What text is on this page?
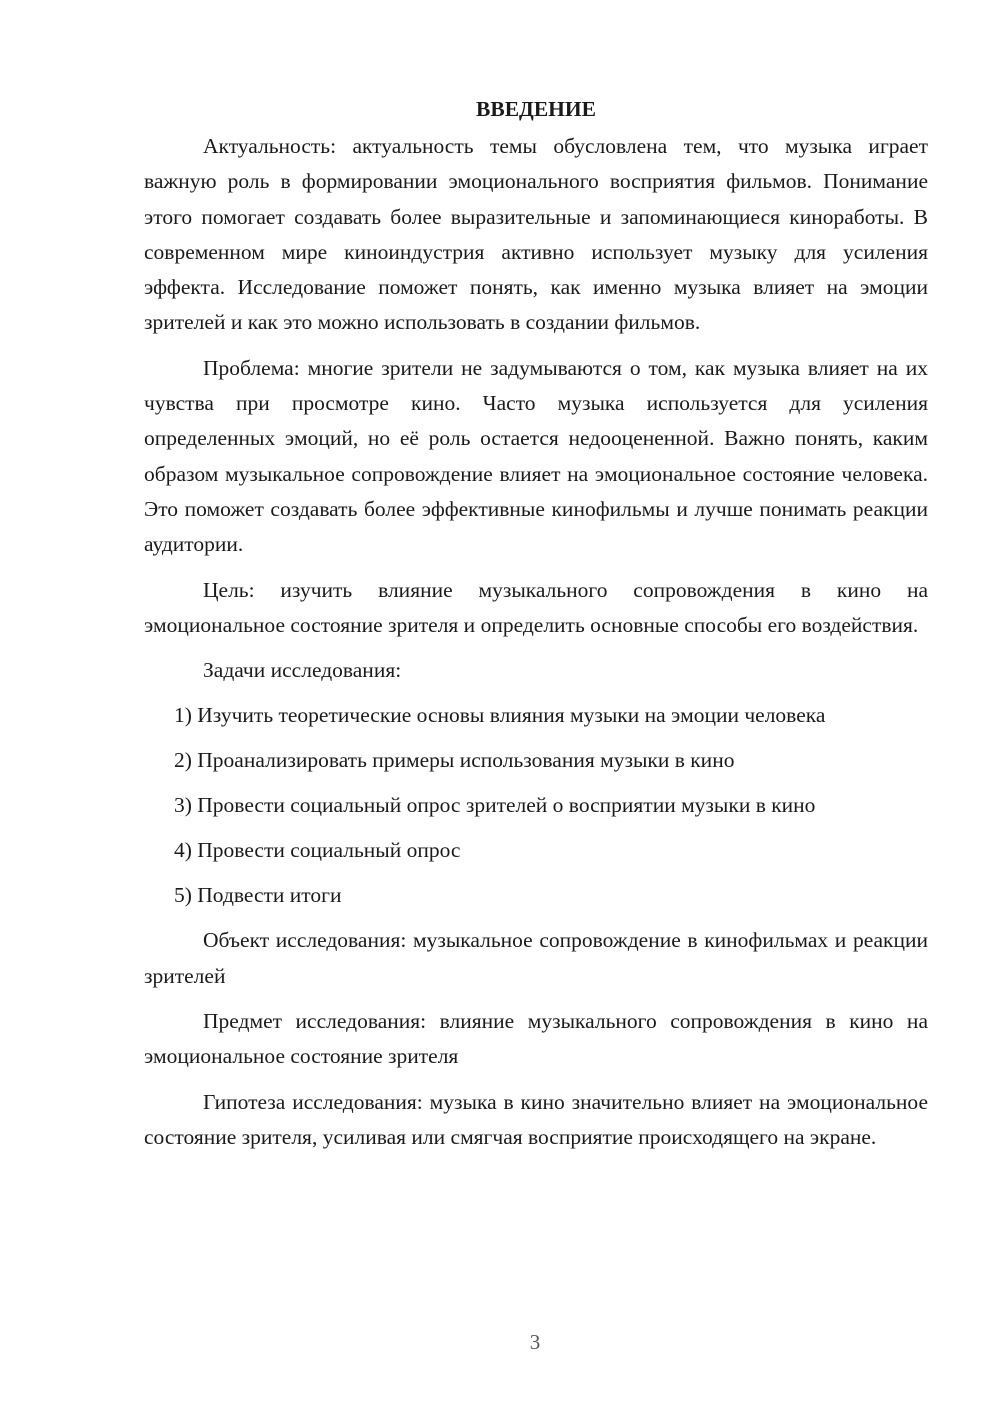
ВВЕДЕНИЕ

Актуальность: актуальность темы обусловлена тем, что музыка играет важную роль в формировании эмоционального восприятия фильмов. Понимание этого помогает создавать более выразительные и запоминающиеся киноработы. В современном мире киноиндустрия активно использует музыку для усиления эффекта. Исследование поможет понять, как именно музыка влияет на эмоции зрителей и как это можно использовать в создании фильмов.

Проблема: многие зрители не задумываются о том, как музыка влияет на их чувства при просмотре кино. Часто музыка используется для усиления определенных эмоций, но её роль остается недооцененной. Важно понять, каким образом музыкальное сопровождение влияет на эмоциональное состояние человека. Это поможет создавать более эффективные кинофильмы и лучше понимать реакции аудитории.

Цель: изучить влияние музыкального сопровождения в кино на эмоциональное состояние зрителя и определить основные способы его воздействия.

Задачи исследования:

1) Изучить теоретические основы влияния музыки на эмоции человека
2) Проанализировать примеры использования музыки в кино
3) Провести социальный опрос зрителей о восприятии музыки в кино
4) Провести социальный опрос
5) Подвести итоги

Объект исследования: музыкальное сопровождение в кинофильмах и реакции зрителей

Предмет исследования: влияние музыкального сопровождения в кино на эмоциональное состояние зрителя

Гипотеза исследования: музыка в кино значительно влияет на эмоциональное состояние зрителя, усиливая или смягчая восприятие происходящего на экране.

3
